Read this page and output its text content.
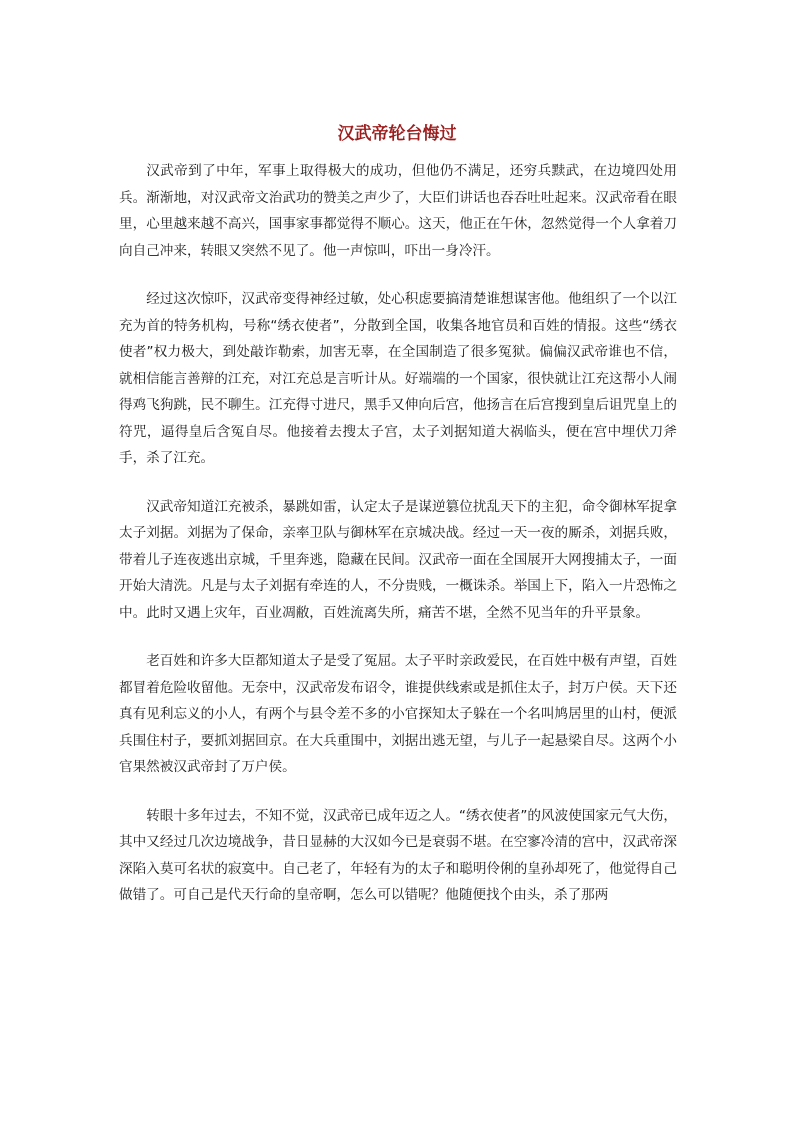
汉武帝轮台悔过

汉武帝到了中年，军事上取得极大的成功，但他仍不满足，还穷兵黩武，在边境四处用兵。渐渐地，对汉武帝文治武功的赞美之声少了，大臣们讲话也吞吞吐吐起来。汉武帝看在眼里，心里越来越不高兴，国事家事都觉得不顺心。这天，他正在午休，忽然觉得一个人拿着刀向自己冲来，转眼又突然不见了。他一声惊叫，吓出一身冷汗。

经过这次惊吓，汉武帝变得神经过敏，处心积虑要搞清楚谁想谋害他。他组织了一个以江充为首的特务机构，号称“绣衣使者”，分散到全国，收集各地官员和百姓的情报。这些“绣衣使者”权力极大，到处敲诈勒索，加害无辜，在全国制造了很多冤狱。偏偏汉武帝谁也不信，就相信能言善辩的江充，对江充总是言听计从。好端端的一个国家，很快就让江充这帮小人闹得鸡飞狗跳，民不聊生。江充得寸进尺，黑手又伸向后宫，他扬言在后宫搜到皇后诅咒皇上的符咒，逼得皇后含冤自尽。他接着去搜太子宫，太子刘据知道大祸临头，便在宫中埋伏刀斧手，杀了江充。

汉武帝知道江充被杀，暴跳如雷，认定太子是谋逆篡位扰乱天下的主犯，命令御林军捉拿太子刘据。刘据为了保命，亲率卫队与御林军在京城决战。经过一天一夜的厮杀，刘据兵败，带着儿子连夜逃出京城，千里奔逃，隐藏在民间。汉武帝一面在全国展开大网搜捕太子，一面开始大清洗。凡是与太子刘据有牵连的人，不分贵贱，一概诛杀。举国上下，陷入一片恐怖之中。此时又遇上灾年，百业凋敝，百姓流离失所，痛苦不堪，全然不见当年的升平景象。

老百姓和许多大臣都知道太子是受了冤屈。太子平时亲政爱民，在百姓中极有声望，百姓都冒着危险收留他。无奈中，汉武帝发布诏令，谁提供线索或是抓住太子，封万户侯。天下还真有见利忘义的小人，有两个与县令差不多的小官探知太子躲在一个名叫鸠居里的山村，便派兵围住村子，要抓刘据回京。在大兵重围中，刘据出逃无望，与儿子一起悬梁自尽。这两个小官果然被汉武帝封了万户侯。

转眼十多年过去，不知不觉，汉武帝已成年迈之人。“绣衣使者”的风波使国家元气大伤，其中又经过几次边境战争，昔日显赫的大汉如今已是衰弱不堪。在空寥冷清的宫中，汉武帝深深陷入莫可名状的寂寞中。自己老了，年轻有为的太子和聪明伶俐的皇孙却死了，他觉得自己做错了。可自己是代天行命的皇帝啊，怎么可以错呢？他随便找个由头，杀了那两
